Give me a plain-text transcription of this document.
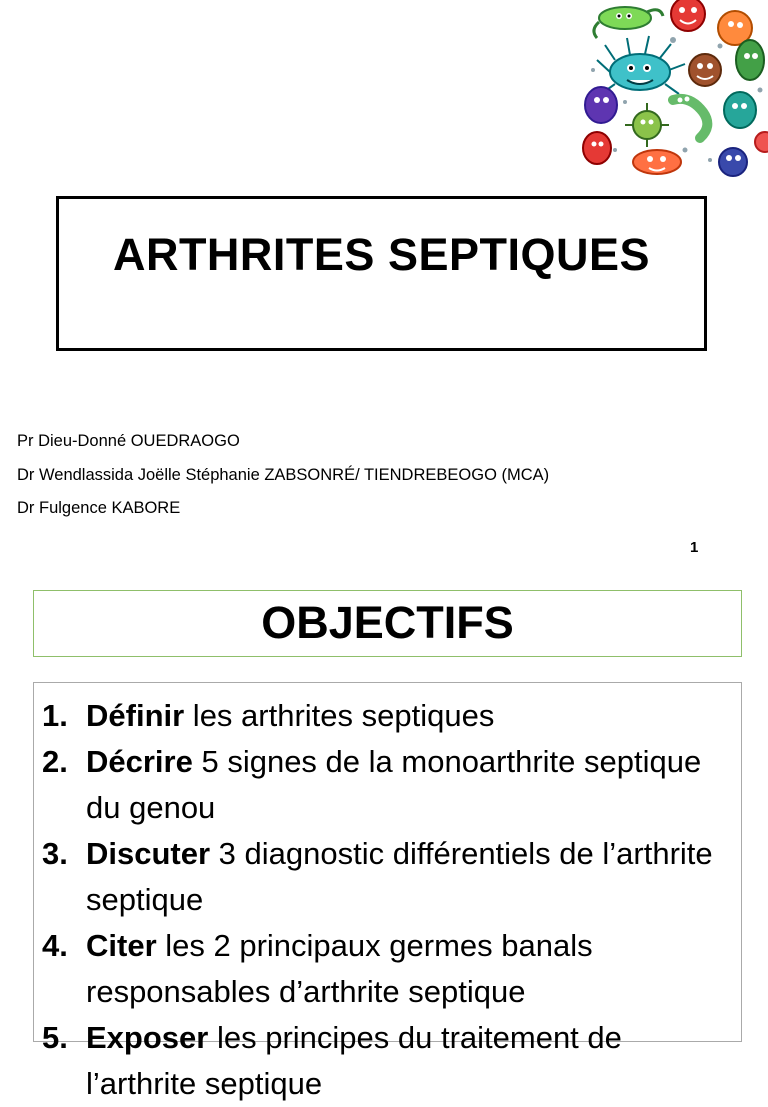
ARTHRITES SEPTIQUES
Pr Dieu-Donné OUEDRAOGO
Dr Wendlassida Joëlle Stéphanie ZABSONRÉ/ TIENDREBEOGO (MCA)
Dr Fulgence KABORE
1
OBJECTIFS
1. Définir les arthrites septiques
2. Décrire 5 signes de la monoarthrite septique du genou
3. Discuter 3 diagnostic différentiels de l’arthrite septique
4. Citer les 2 principaux germes banals responsables d’arthrite septique
5. Exposer les principes du traitement de l’arthrite septique
